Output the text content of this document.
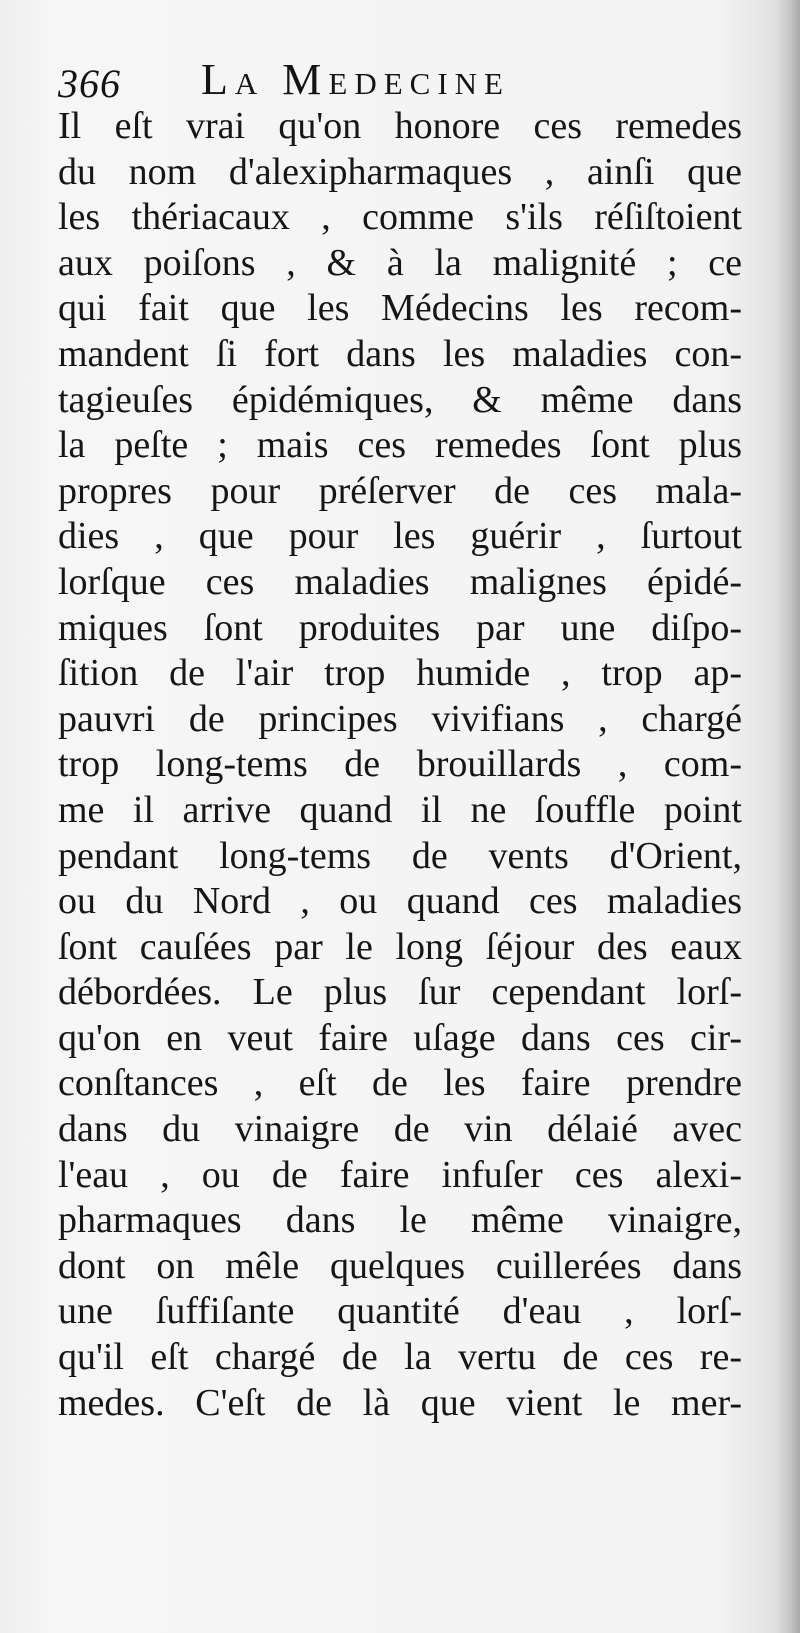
366 La Medecine
Il eſt vrai qu'on honore ces remedes
du nom d'alexipharmaques , ainſi que
les thériacaux , comme s'ils réſiſtoient
aux poiſons , & à la malignité ; ce
qui fait que les Médecins les recom-
mandent ſi fort dans les maladies con-
tagieuſes épidémiques, & même dans
la peſte ; mais ces remedes ſont plus
propres pour préſerver de ces mala-
dies , que pour les guérir , ſurtout
lorſque ces maladies malignes épidé-
miques ſont produites par une diſpo-
ſition de l'air trop humide , trop ap-
pauvri de principes vivifians , chargé
trop long-tems de brouillards , com-
me il arrive quand il ne ſouffle point
pendant long-tems de vents d'Orient,
ou du Nord , ou quand ces maladies
ſont cauſées par le long ſéjour des eaux
débordées. Le plus ſur cependant lorſ-
qu'on en veut faire uſage dans ces cir-
conſtances , eſt de les faire prendre
dans du vinaigre de vin délaié avec
l'eau , ou de faire infuſer ces alexi-
pharmaques dans le même vinaigre,
dont on mêle quelques cuillerées dans
une ſuffiſante quantité d'eau , lorſ-
qu'il eſt chargé de la vertu de ces re-
medes. C'eſt de là que vient le mer-
